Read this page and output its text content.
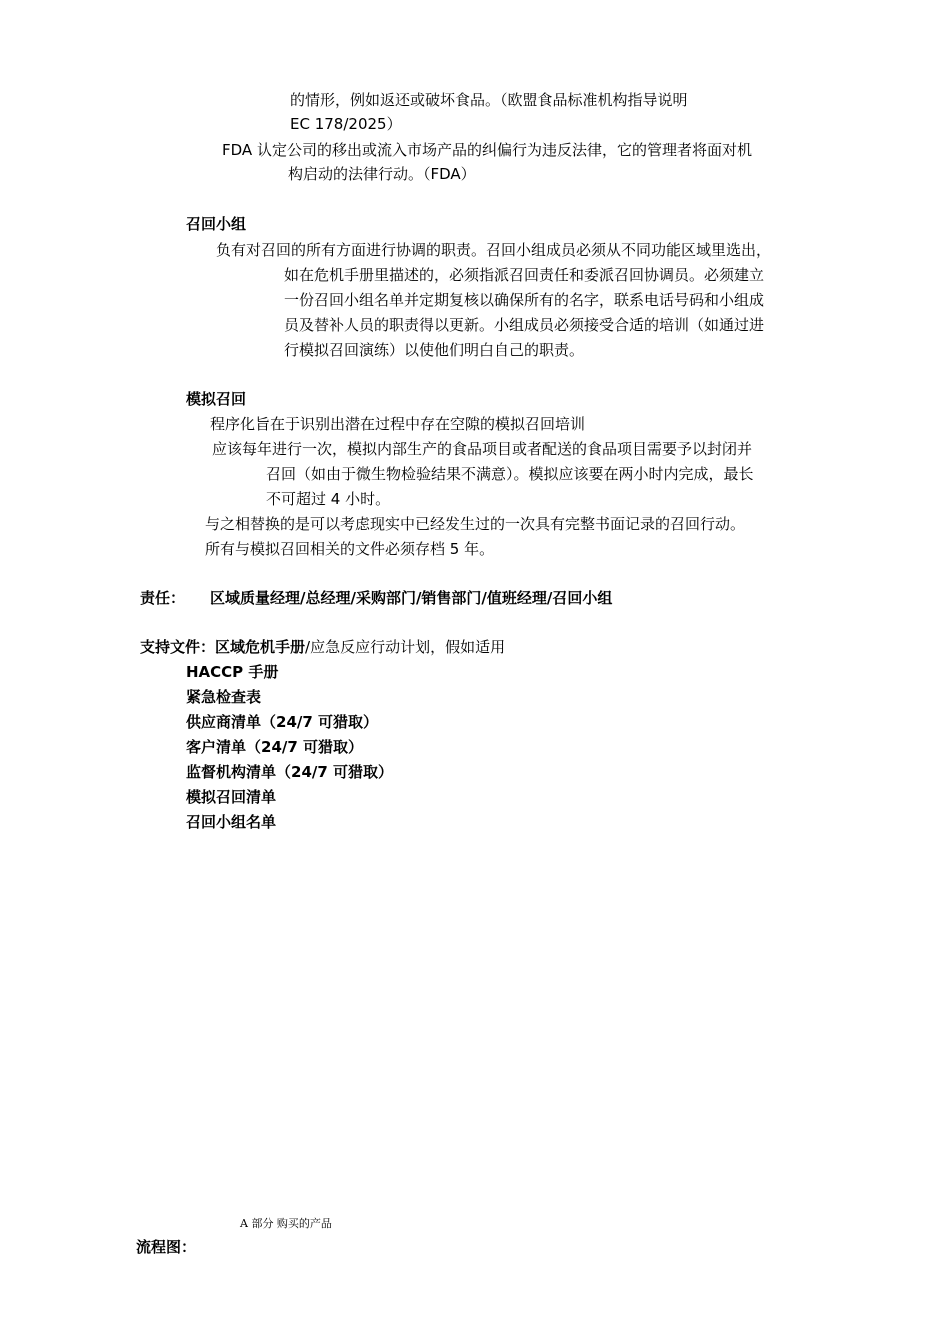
的情形，例如返还或破坏食品。（欧盟食品标准机构指导说明
EC 178/2025）
FDA 认定公司的移出或流入市场产品的纠偏行为违反法律，它的管理者将面对机
构启动的法律行动。（FDA）
召回小组
负有对召回的所有方面进行协调的职责。召回小组成员必须从不同功能区域里选出，
如在危机手册里描述的，必须指派召回责任和委派召回协调员。必须建立
一份召回小组名单并定期复核以确保所有的名字，联系电话号码和小组成
员及替补人员的职责得以更新。小组成员必须接受合适的培训（如通过进
行模拟召回演练）以使他们明白自己的职责。
模拟召回
程序化旨在于识别出潜在过程中存在空隙的模拟召回培训
应该每年进行一次，模拟内部生产的食品项目或者配送的食品项目需要予以封闭并
召回（如由于微生物检验结果不满意）。模拟应该要在两小时内完成，最长
不可超过 4 小时。
与之相替换的是可以考虑现实中已经发生过的一次具有完整书面记录的召回行动。
所有与模拟召回相关的文件必须存档 5 年。
责任： 区域质量经理/总经理/采购部门/销售部门/值班经理/召回小组
支持文件：区域危机手册/应急反应行动计划，假如适用
HACCP 手册
紧急检查表
供应商清单（24/7 可猎取）
客户清单（24/7 可猎取）
监督机构清单（24/7 可猎取）
模拟召回清单
召回小组名单
A 部分 购买的产品
流程图：
